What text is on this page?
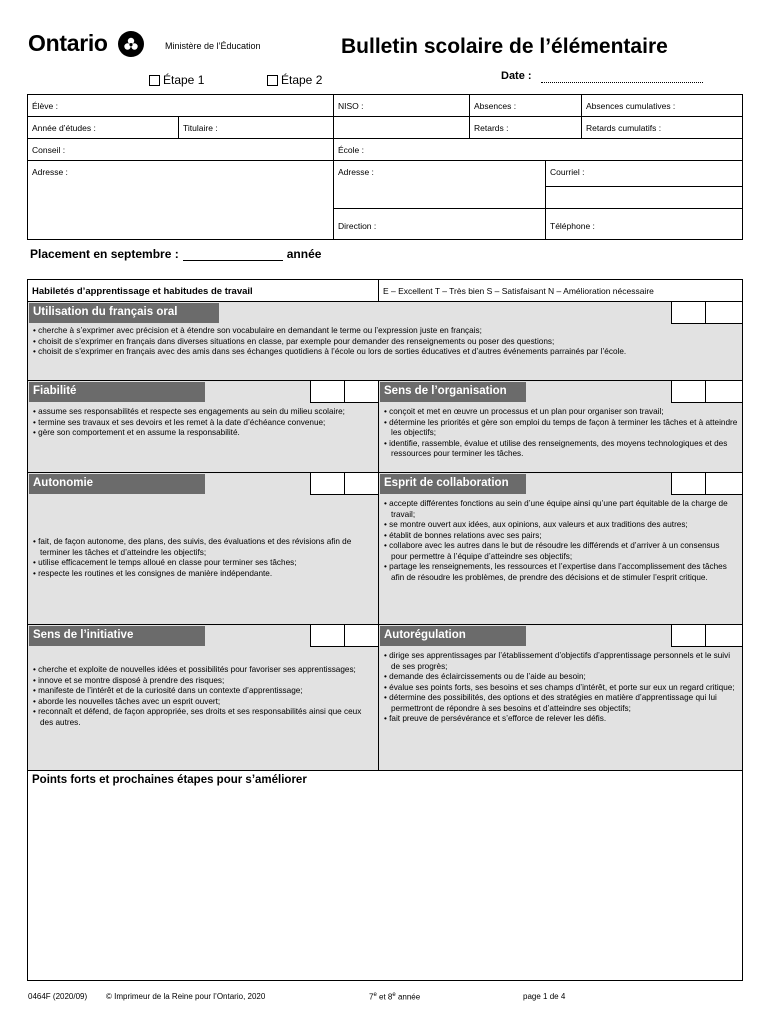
Ontario	Ministère de l’Éducation	Bulletin scolaire de l’élémentaire
Étape 1	Étape 2	Date :
Élève :	NISO :	Absences :	Absences cumulatives :
Année d’études :	Titulaire :	Retards :	Retards cumulatifs :
Conseil :	École :
Adresse :	Adresse :	Courriel :
Direction :	Téléphone :
Placement en septembre :	année
Habiletés d’apprentissage et habitudes de travail	E – Excellent T – Très bien S – Satisfaisant N – Amélioration nécessaire
Utilisation du français oral
• cherche à s’exprimer avec précision et à étendre son vocabulaire en demandant le terme ou l’expression juste en français;
• choisit de s’exprimer en français dans diverses situations en classe, par exemple pour demander des renseignements ou poser des questions;
• choisit de s’exprimer en français avec des amis dans ses échanges quotidiens à l’école ou lors de sorties éducatives et d’autres événements parrainés par l’école.
Fiabilité
• assume ses responsabilités et respecte ses engagements au sein du milieu scolaire;
• termine ses travaux et ses devoirs et les remet à la date d’échéance convenue;
• gère son comportement et en assume la responsabilité.
Sens de l’organisation
• conçoit et met en œuvre un processus et un plan pour organiser son travail;
• détermine les priorités et gère son emploi du temps de façon à terminer les tâches et à atteindre les objectifs;
• identifie, rassemble, évalue et utilise des renseignements, des moyens technologiques et des ressources pour terminer les tâches.
Autonomie
• fait, de façon autonome, des plans, des suivis, des évaluations et des révisions afin de terminer les tâches et d’atteindre les objectifs;
• utilise efficacement le temps alloué en classe pour terminer ses tâches;
• respecte les routines et les consignes de manière indépendante.
Esprit de collaboration
• accepte différentes fonctions au sein d’une équipe ainsi qu’une part équitable de la charge de travail;
• se montre ouvert aux idées, aux opinions, aux valeurs et aux traditions des autres;
• établit de bonnes relations avec ses pairs;
• collabore avec les autres dans le but de résoudre les différends et d’arriver à un consensus pour permettre à l’équipe d’atteindre ses objectifs;
• partage les renseignements, les ressources et l’expertise dans l’accomplissement des tâches afin de résoudre les problèmes, de prendre des décisions et de stimuler l’esprit critique.
Sens de l’initiative
• cherche et exploite de nouvelles idées et possibilités pour favoriser ses apprentissages;
• innove et se montre disposé à prendre des risques;
• manifeste de l’intérêt et de la curiosité dans un contexte d’apprentissage;
• aborde les nouvelles tâches avec un esprit ouvert;
• reconnaît et défend, de façon appropriée, ses droits et ses responsabilités ainsi que ceux des autres.
Autorégulation
• dirige ses apprentissages par l’établissement d’objectifs d’apprentissage personnels et le suivi de ses progrès;
• demande des éclaircissements ou de l’aide au besoin;
• évalue ses points forts, ses besoins et ses champs d’intérêt, et porte sur eux un regard critique;
• détermine des possibilités, des options et des stratégies en matière d’apprentissage qui lui permettront de répondre à ses besoins et d’atteindre ses objectifs;
• fait preuve de persévérance et s’efforce de relever les défis.
Points forts et prochaines étapes pour s’améliorer
0464F (2020/09) © Imprimeur de la Reine pour l’Ontario, 2020	7e et 8e année	page 1 de 4
